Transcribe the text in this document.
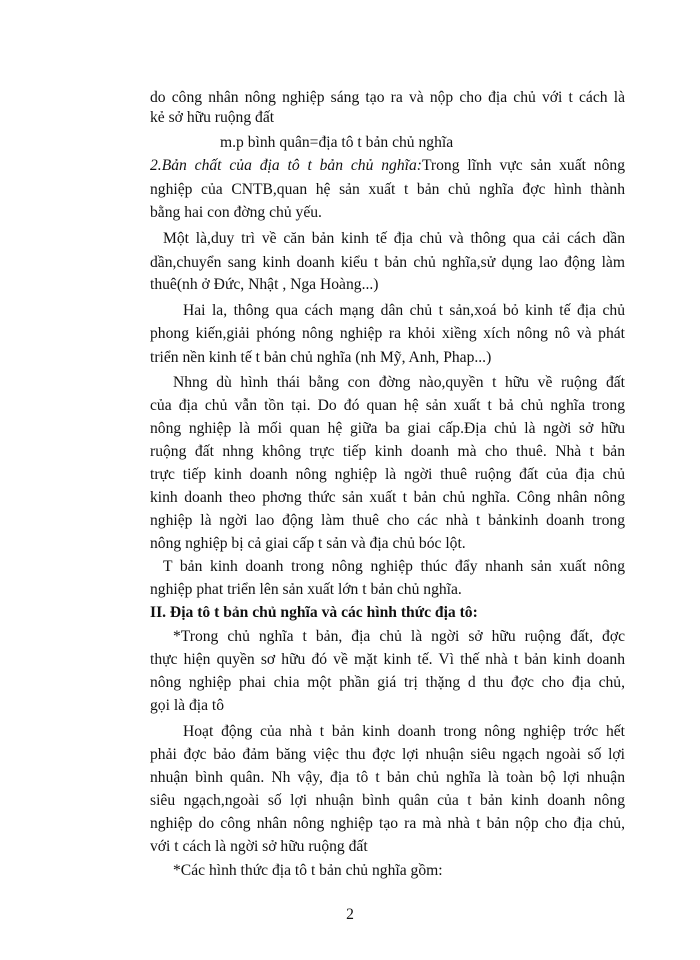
do công nhân nông nghiệp sáng tạo ra và nộp cho địa chủ với t cách là
kẻ sở hữu ruộng đất
m.p bình quân=địa tô t bản chủ nghĩa
2.Bản chất của địa tô t bản chủ nghĩa:Trong lĩnh vực sản xuất nông
nghiệp của CNTB,quan hệ sản xuất t bản chủ nghĩa đợc hình thành
bằng hai con đờng chủ yếu.
Một là,duy trì về căn bản kinh tế địa chủ và thông qua cải cách dần
dần,chuyển sang kinh doanh kiểu t bản chủ nghĩa,sử dụng lao động làm
thuê(nh ở Đức, Nhật , Nga Hoàng...)
Hai la, thông qua cách mạng dân chủ t sản,xoá bỏ kinh tế địa chủ
phong kiến,giải phóng nông nghiệp ra khỏi xiềng xích nông nô và phát
triển nền kinh tế t bản chủ nghĩa (nh Mỹ, Anh, Phap...)
Nhng dù hình thái bằng con đờng nào,quyền t hữu về ruộng đất
của địa chủ vẫn tồn tại. Do đó quan hệ sản xuất t bả chủ nghĩa trong
nông nghiệp là mối quan hệ giữa ba giai cấp.Địa chủ là ngời sở hữu
ruộng đất nhng không trực tiếp kinh doanh mà cho thuê. Nhà t bản
trực tiếp kinh doanh nông nghiệp là ngời thuê ruộng đất của địa chủ
kinh doanh theo phơng thức sản xuất t bản chủ nghĩa. Công nhân nông
nghiệp là ngời lao động làm thuê cho các nhà t bảnkinh doanh trong
nông nghiệp bị cả giai cấp t sản và địa chủ bóc lột.
T bản kinh doanh trong nông nghiệp thúc đẩy nhanh sản xuất nông
nghiệp phat triển lên sản xuất lớn t bản chủ nghĩa.
II. Địa tô t bản chủ nghĩa và các hình thức địa tô:
*Trong chủ nghĩa t bản, địa chủ là ngời sở hữu ruộng đất, đợc
thực hiện quyền sơ hữu đó về mặt kinh tế. Vì thế nhà t bản kinh doanh
nông nghiệp phai chia một phần giá trị thặng d thu đợc cho địa chủ,
gọi là địa tô
Hoạt động của nhà t bản kinh doanh trong nông nghiệp trớc hết
phải đợc bảo đảm băng việc thu đợc lợi nhuận siêu ngạch ngoài số lợi
nhuận bình quân. Nh vậy, địa tô t bản chủ nghĩa là toàn bộ lợi nhuận
siêu ngạch,ngoài số lợi nhuận bình quân của t bản kinh doanh nông
nghiệp do công nhân nông nghiệp tạo ra mà nhà t bản nộp cho địa chủ,
với t cách là ngời sở hữu ruộng đất
*Các hình thức địa tô t bản chủ nghĩa gồm:
2
